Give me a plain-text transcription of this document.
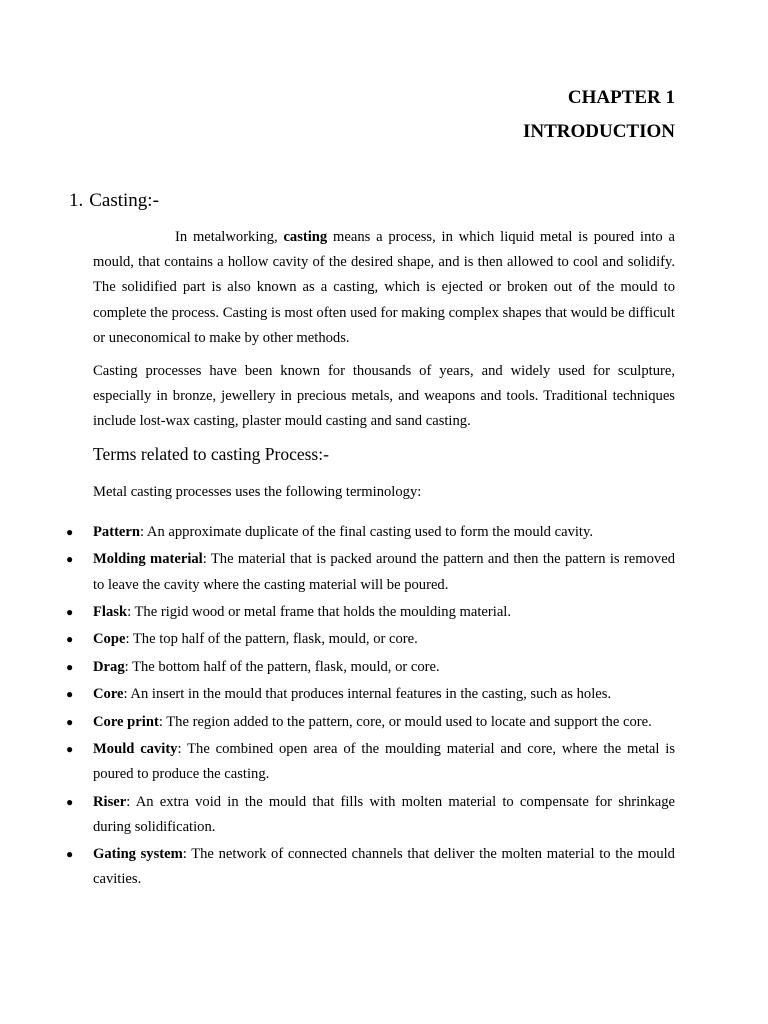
CHAPTER 1
INTRODUCTION
1. Casting:-

In metalworking, casting means a process, in which liquid metal is poured into a mould, that contains a hollow cavity of the desired shape, and is then allowed to cool and solidify. The solidified part is also known as a casting, which is ejected or broken out of the mould to complete the process. Casting is most often used for making complex shapes that would be difficult or uneconomical to make by other methods.

Casting processes have been known for thousands of years, and widely used for sculpture, especially in bronze, jewellery in precious metals, and weapons and tools. Traditional techniques include lost-wax casting, plaster mould casting and sand casting.

Terms related to casting Process:-
Metal casting processes uses the following terminology:
● Pattern: An approximate duplicate of the final casting used to form the mould cavity.
● Molding material: The material that is packed around the pattern and then the pattern is removed to leave the cavity where the casting material will be poured.
● Flask: The rigid wood or metal frame that holds the moulding material.
● Cope: The top half of the pattern, flask, mould, or core.
● Drag: The bottom half of the pattern, flask, mould, or core.
● Core: An insert in the mould that produces internal features in the casting, such as holes.
● Core print: The region added to the pattern, core, or mould used to locate and support the core.
● Mould cavity: The combined open area of the moulding material and core, where the metal is poured to produce the casting.
● Riser: An extra void in the mould that fills with molten material to compensate for shrinkage during solidification.
● Gating system: The network of connected channels that deliver the molten material to the mould cavities.
